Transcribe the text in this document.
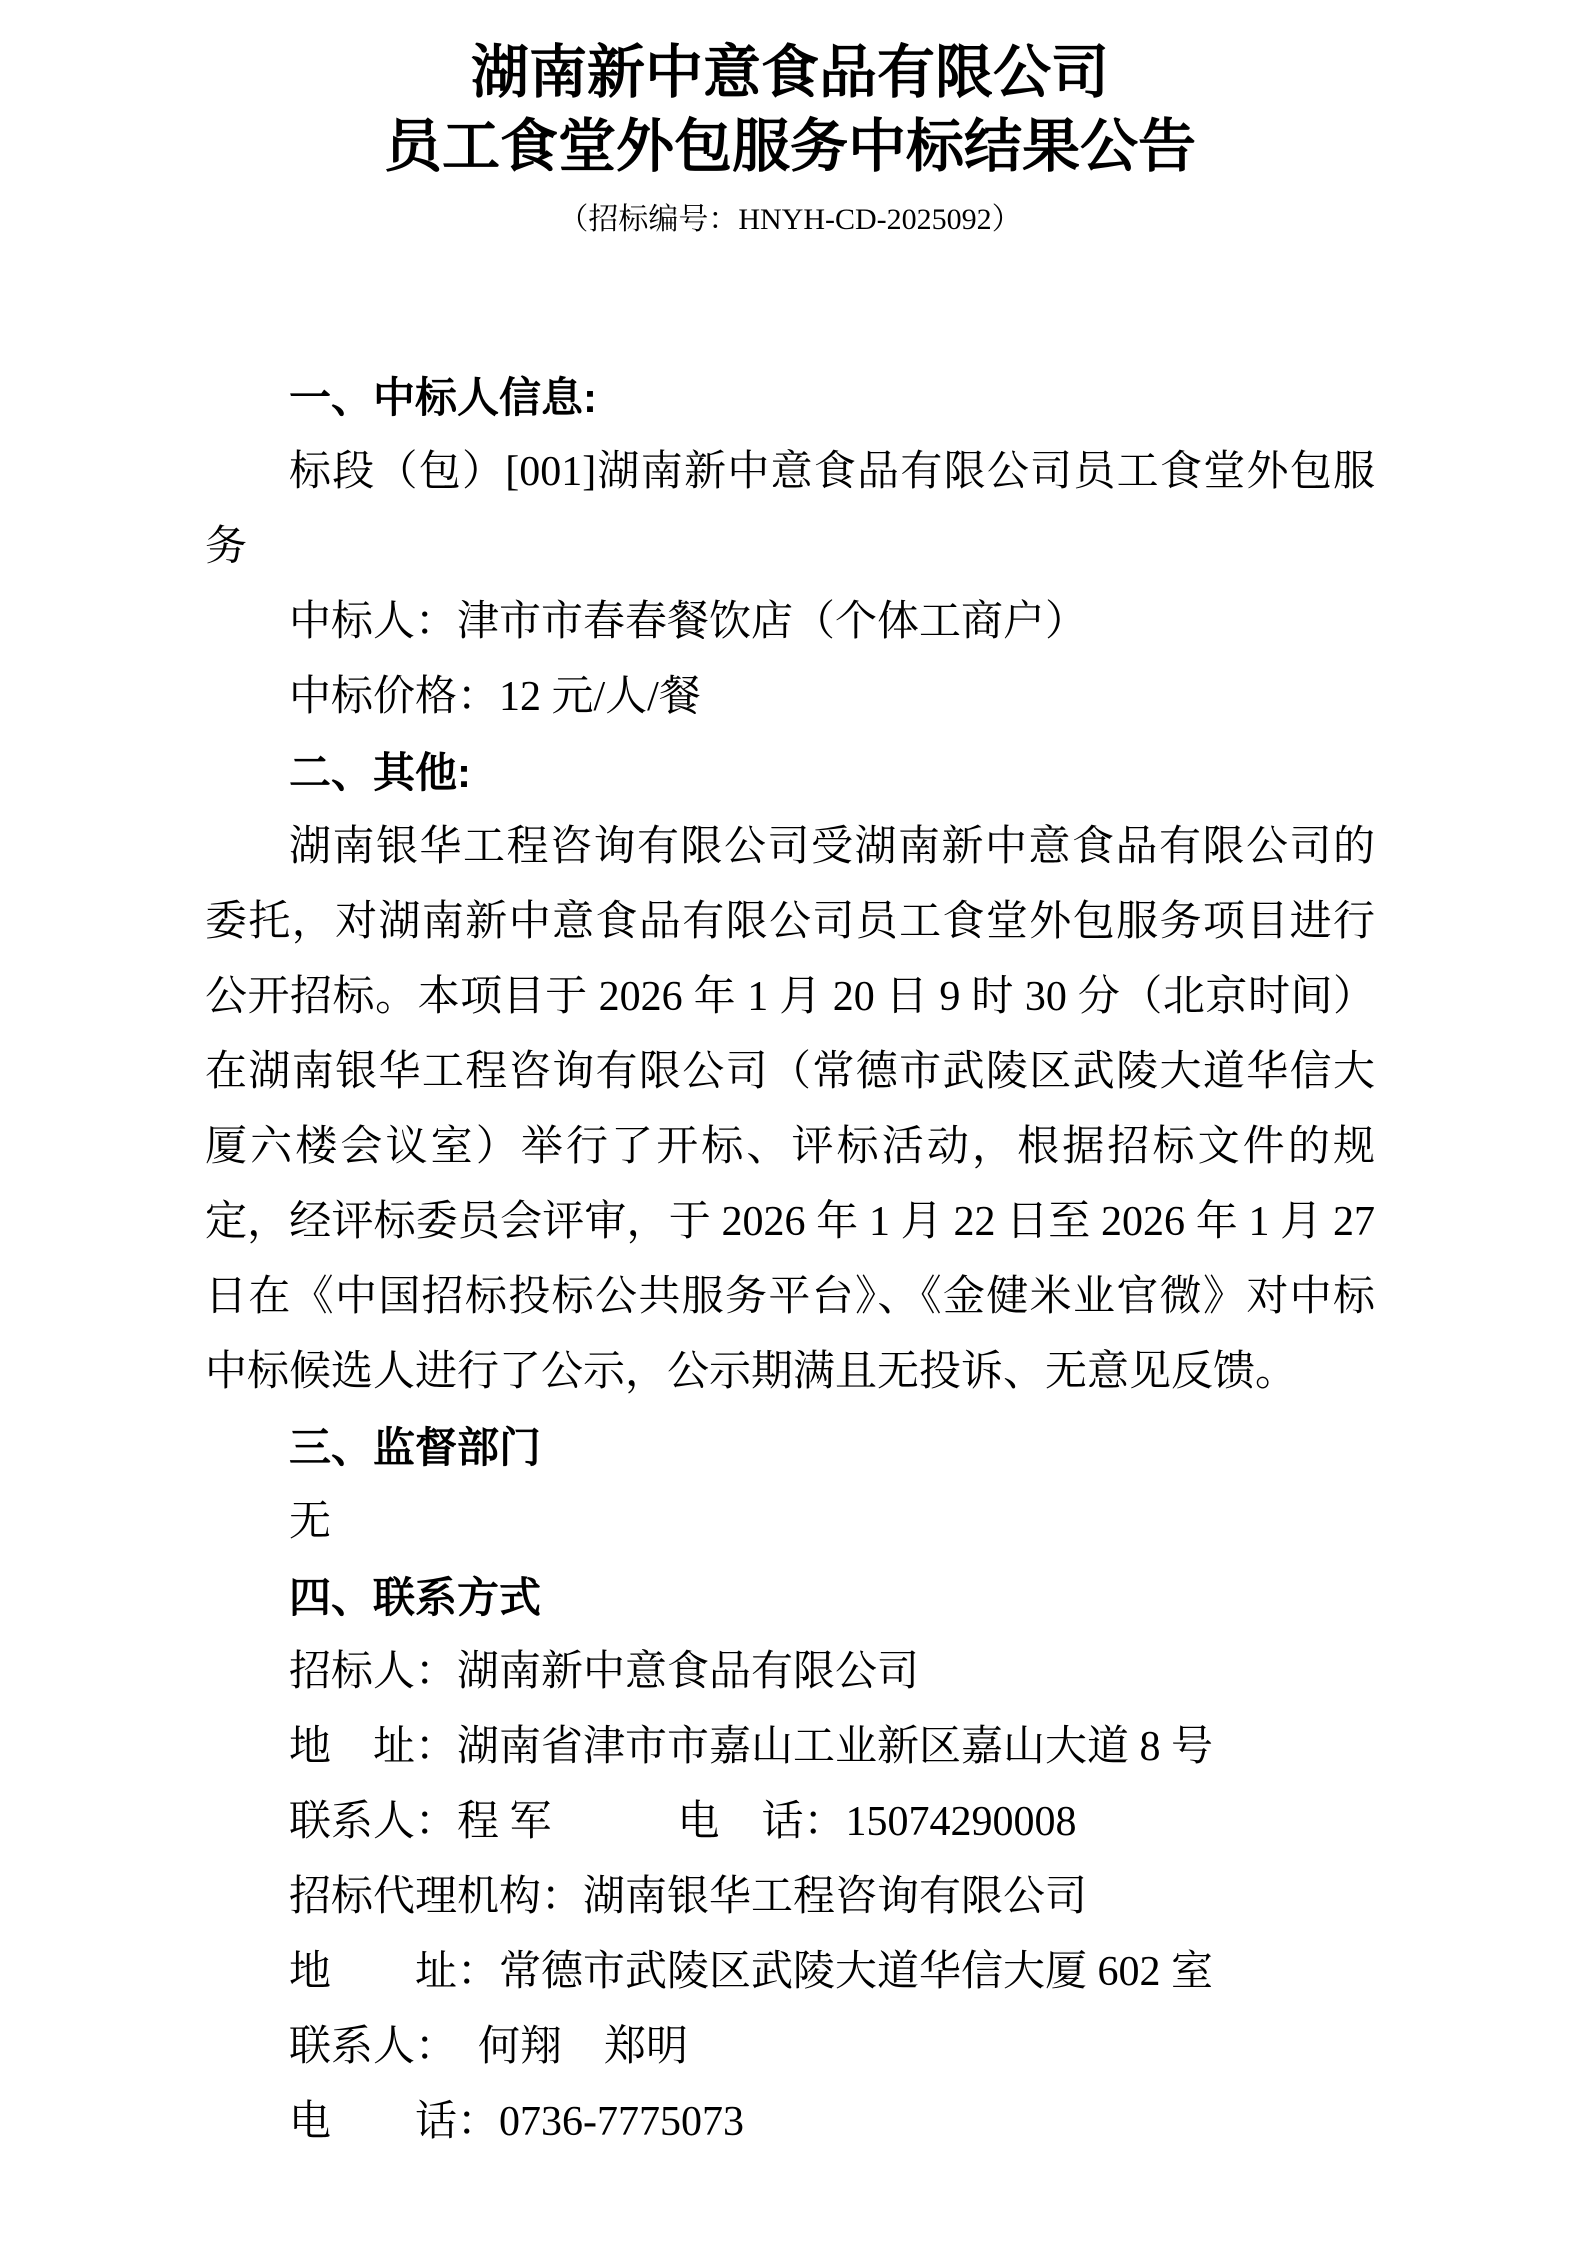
湖南新中意食品有限公司
员工食堂外包服务中标结果公告
（招标编号：HNYH-CD-2025092）
一、中标人信息:

标段（包）[001]湖南新中意食品有限公司员工食堂外包服务

中标人：津市市春春餐饮店（个体工商户）

中标价格：12 元/人/餐

二、其他:

湖南银华工程咨询有限公司受湖南新中意食品有限公司的委托，对湖南新中意食品有限公司员工食堂外包服务项目进行公开招标。本项目于 2026 年 1 月 20 日 9 时 30 分（北京时间）在湖南银华工程咨询有限公司（常德市武陵区武陵大道华信大厦六楼会议室）举行了开标、评标活动，根据招标文件的规定，经评标委员会评审，于 2026 年 1 月 22 日至 2026 年 1 月 27 日在《中国招标投标公共服务平台》、《金健米业官微》对中标中标候选人进行了公示，公示期满且无投诉、无意见反馈。

三、监督部门

无

四、联系方式

招标人：湖南新中意食品有限公司

地　址：湖南省津市市嘉山工业新区嘉山大道 8 号

联系人：程 军　　　电　话：15074290008

招标代理机构：湖南银华工程咨询有限公司

地　　址：常德市武陵区武陵大道华信大厦 602 室

联系人：　何翔　郑明

电　　话：0736-7775073
